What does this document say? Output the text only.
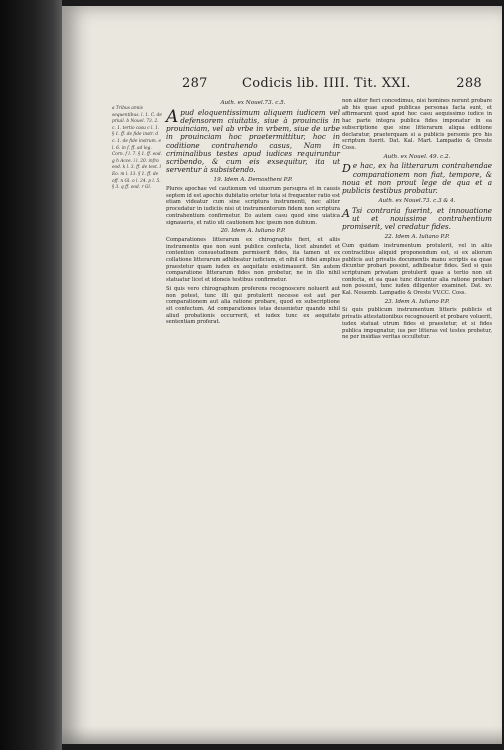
287	Codicis lib. IIII. Tit. XXI.	288
a Tribus annis sequentibus. l. 1. C. de priuil. b Nouel. 73. 2. c. 1. tertio casu c l. 1. § 1. ff. de fide instr. d c. 1. de fide instrum. e l. 6. in f. ff. ad leg. Corn. f l. 7. § 1. ff. eod. g h Acce. i l. 20. infra eod. k l. 3. ff. de test. l Eo. m l. 13. § 1. ff. de off. n Gl. o l. 24. p l. 5. § 3. q ff. eod. r Gl.
Auth. ex Nouel.73. c.5.
A pud eloquentissimum aliquem iudicem vel defensorem ciuitatis, siue à prouinciis in prouinciam, vel ab vrbe in vrbem, siue de urbe in prouinciam hoc praetermittitur, hoc in coditione contrahendo casus, Nam in criminalibus testes apud iudices requiruntur scribendo, & cum eis exsequitur, ita ut serventur à subsistendo.
19. Idem A. Demostheni P.P.

Plures apochae vel cautionum vel uiuorum persupra et in causis septem id est apochis dubitatio orietur tota si frequenter ratio est etiam videatur cum sine scriptura instrumenti, nec aliter procedatur in iudiciis nisi ut instrumentorum fidem non scriptura contrahentium confirmetur. Eo autem casu quod sine uiatica signaueris, et ratio uti cautionem hoc ipsum non dubium.

20. Idem A. Iuliano P.P.

Comparationes litterarum ex chirographis fieri, et aliis instrumentis que non sunt publice confecta, licet abundet et contention consuetudinem permiserit fides, ita tamen ut ex collatione litterarum adhibeatur iudicium, et nihil ei fidei amplius praestetur quam iudex ex aequitate existimauerit. Sin autem comparatione litterarum fides non probetur, ne in illo nihil statuatur licet et idoneis testibus confirmetur.

Si quis vero chirographum proferens recognoscere noluerit aut non potest, tunc illi qui protulerit necesse est aut per comparationem aut alia ratione probare, quod ex subscriptione sit confectum. Ad comparationes istas deuenietur quando nihil aliud probationis occurrerit, et iudex tunc ex aequitate sententiam proferat.

non aliter fieri concedimus, nisi homines norunt probare ab his quae apud publicas personas facta sunt, et affirmarunt quod apud hoc casu aequissimo iudice in hac parte integra publica fides imponatur in ea subscriptione que sine litterarum aliqua editione declaratur, praeterquam si a publicis personis pro his scriptum fuerit. Dat. Kal. Mart. Lampadio & Oreste Coss.

Auth. ex Nouel. 49. c.2.
D e hac, ex ha litterarum contrahendae comparationem non fiat, tempore, & noua et non prout lege de qua et a publicis testibus probatur.
Auth. ex Nouel.73. c.3 & 4.
A Tsi contraria fuerint, et innouatione ut et nouissime contrahentium promiserit, vel credatur fides.
22. Idem A. Iuliano P.P.

Cum quidam instrumentum protulerit, vel in aliis contractibus aliquid proponendum est, si ex aliorum publicis aut privatis documentis manu scriptis ea quae dicuntur probari possint, adhibeatur fides. Sed si quis scripturam privatam protulerit quae a tertio non sit confecta, et ea quae tunc dicuntur alia ratione probari non possunt, tunc iudex diligenter examinet. Dat. xv. Kal. Nouemb. Lampadio & Oreste VV.CC. Coss.

23. Idem A. Iuliano P.P.

Si quis publicum instrumentum litteris publicis et privatis attestationibus recognouerit et probare voluerit, iudex statuat utrum fides ei praestetur, et si fides publica impugnatur, ius per litteras vel testes probetur, ne per insidias veritas occultetur.
